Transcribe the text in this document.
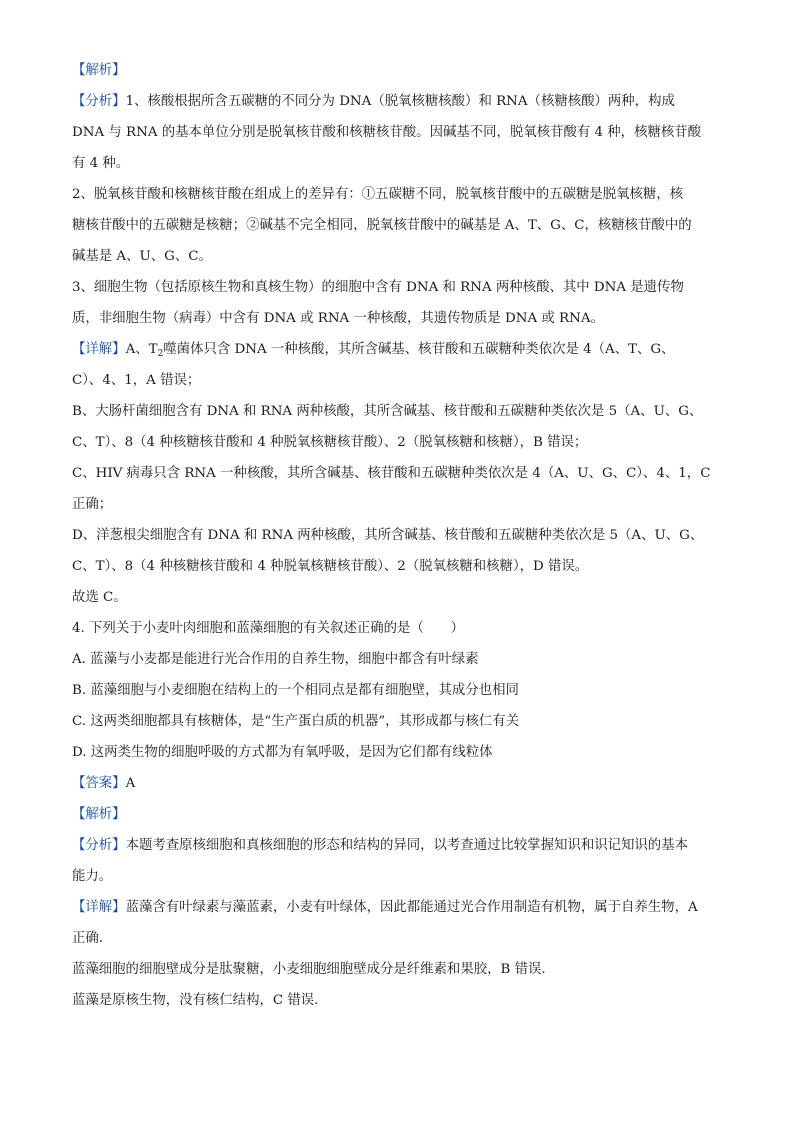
【解析】
【分析】1、核酸根据所含五碳糖的不同分为 DNA（脱氧核糖核酸）和 RNA（核糖核酸）两种，构成
DNA 与 RNA 的基本单位分别是脱氧核苷酸和核糖核苷酸。因碱基不同，脱氧核苷酸有 4 种，核糖核苷酸
有 4 种。
2、脱氧核苷酸和核糖核苷酸在组成上的差异有：①五碳糖不同，脱氧核苷酸中的五碳糖是脱氧核糖，核
糖核苷酸中的五碳糖是核糖；②碱基不完全相同，脱氧核苷酸中的碱基是 A、T、G、C，核糖核苷酸中的
碱基是 A、U、G、C。
3、细胞生物（包括原核生物和真核生物）的细胞中含有 DNA 和 RNA 两种核酸、其中 DNA 是遗传物
质，非细胞生物（病毒）中含有 DNA 或 RNA 一种核酸，其遗传物质是 DNA 或 RNA。
【详解】A、$T_2$噬菌体只含 DNA 一种核酸，其所含碱基、核苷酸和五碳糖种类依次是 4（A、T、G、
C）、4、1，A 错误；
B、大肠杆菌细胞含有 DNA 和 RNA 两种核酸，其所含碱基、核苷酸和五碳糖种类依次是 5（A、U、G、
C、T）、8（4 种核糖核苷酸和 4 种脱氧核糖核苷酸）、2（脱氧核糖和核糖），B 错误；
C、HIV 病毒只含 RNA 一种核酸，其所含碱基、核苷酸和五碳糖种类依次是 4（A、U、G、C）、4、1，C
正确；
D、洋葱根尖细胞含有 DNA 和 RNA 两种核酸，其所含碱基、核苷酸和五碳糖种类依次是 5（A、U、G、
C、T）、8（4 种核糖核苷酸和 4 种脱氧核糖核苷酸）、2（脱氧核糖和核糖），D 错误。
故选 C。
4. 下列关于小麦叶肉细胞和蓝藻细胞的有关叙述正确的是（　　）
A. 蓝藻与小麦都是能进行光合作用的自养生物，细胞中都含有叶绿素
B. 蓝藻细胞与小麦细胞在结构上的一个相同点是都有细胞壁，其成分也相同
C. 这两类细胞都具有核糖体，是“生产蛋白质的机器”，其形成都与核仁有关
D. 这两类生物的细胞呼吸的方式都为有氧呼吸，是因为它们都有线粒体
【答案】A
【解析】
【分析】本题考查原核细胞和真核细胞的形态和结构的异同，以考查通过比较掌握知识和识记知识的基本
能力。
【详解】蓝藻含有叶绿素与藻蓝素，小麦有叶绿体，因此都能通过光合作用制造有机物，属于自养生物，A
正确.
蓝藻细胞的细胞壁成分是肽聚糖，小麦细胞细胞壁成分是纤维素和果胶，B 错误.
蓝藻是原核生物，没有核仁结构，C 错误.
